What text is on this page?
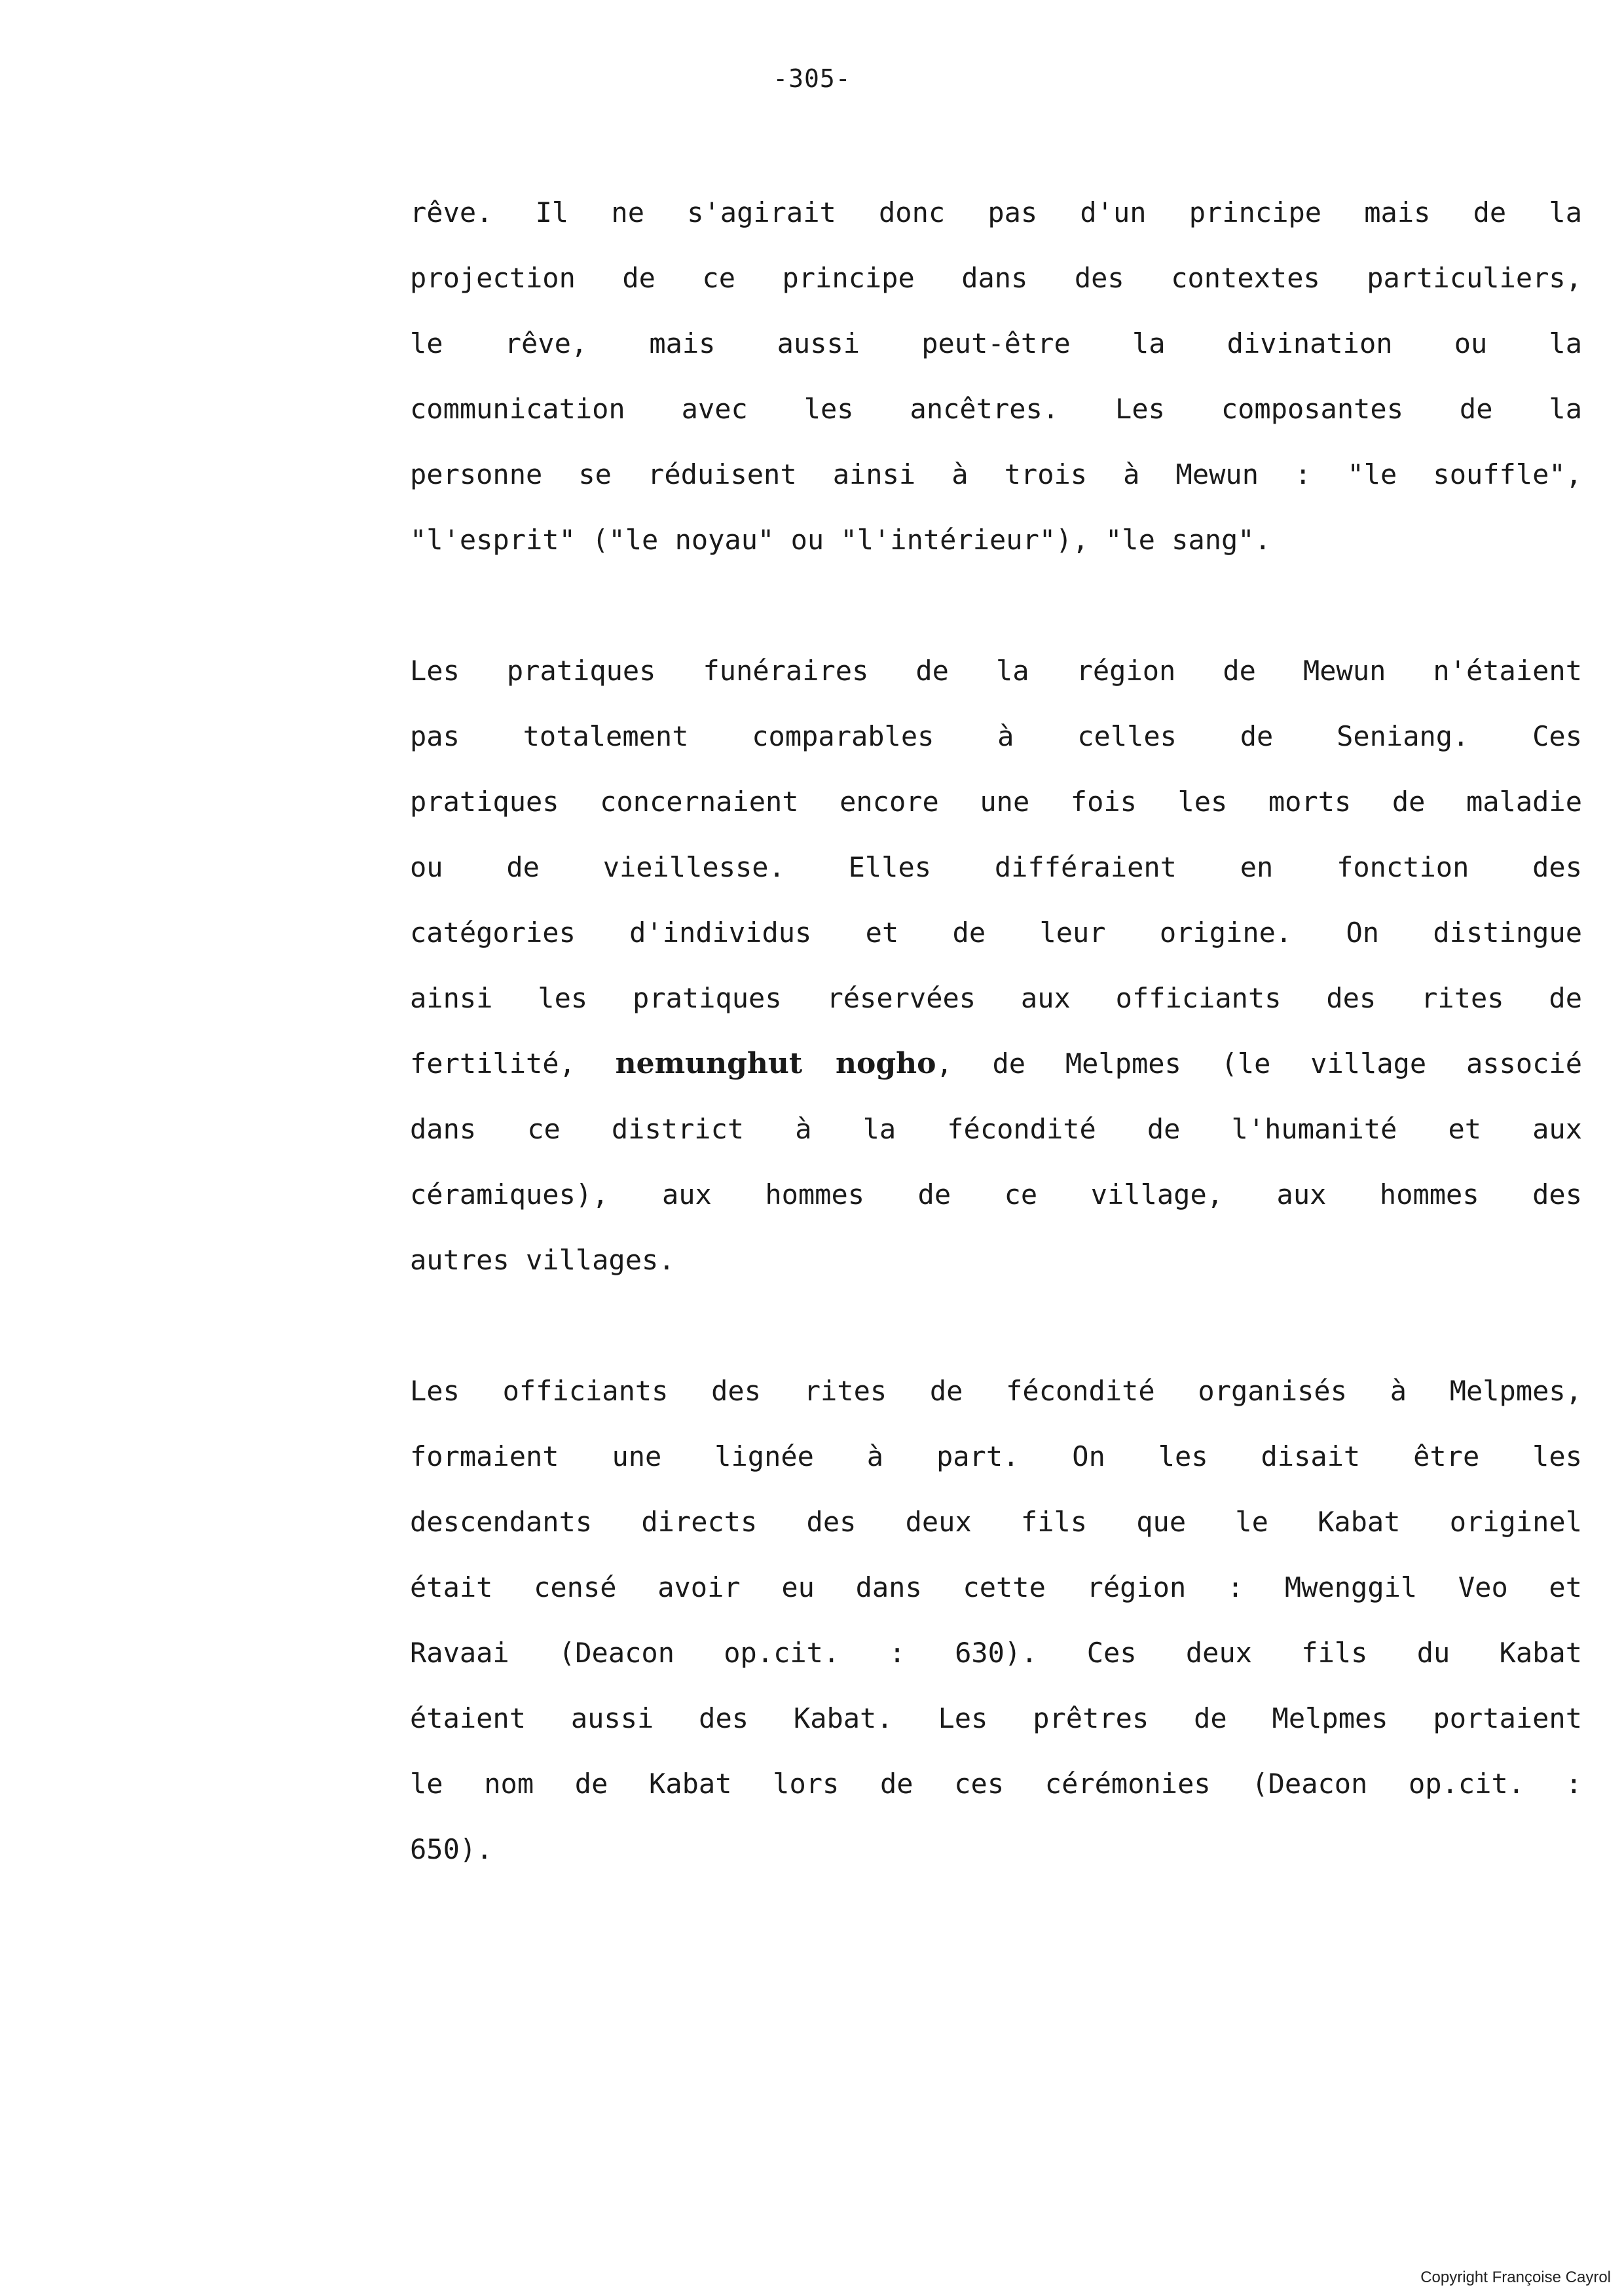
-305-
rêve. Il ne s'agirait donc pas d'un principe mais de la
projection de ce principe dans des contextes particuliers,
le rêve, mais aussi peut-être la divination ou la
communication avec les ancêtres. Les composantes de la
personne se réduisent ainsi à trois à Mewun : "le souffle",
"l'esprit" ("le noyau" ou "l'intérieur"), "le sang".
Les pratiques funéraires de la région de Mewun n'étaient
pas totalement comparables à celles de Seniang. Ces
pratiques concernaient encore une fois les morts de maladie
ou de vieillesse. Elles différaient en fonction des
catégories d'individus et de leur origine. On distingue
ainsi les pratiques réservées aux officiants des rites de
fertilité, nemunghut nogho, de Melpmes (le village associé
dans ce district à la fécondité de l'humanité et aux
céramiques), aux hommes de ce village, aux hommes des
autres villages.
Les officiants des rites de fécondité organisés à Melpmes,
formaient une lignée à part. On les disait être les
descendants directs des deux fils que le Kabat originel
était censé avoir eu dans cette région : Mwenggil Veo et
Ravaai (Deacon op.cit. : 630). Ces deux fils du Kabat
étaient aussi des Kabat. Les prêtres de Melpmes portaient
le nom de Kabat lors de ces cérémonies (Deacon op.cit. :
650).
Copyright Françoise Cayrol
